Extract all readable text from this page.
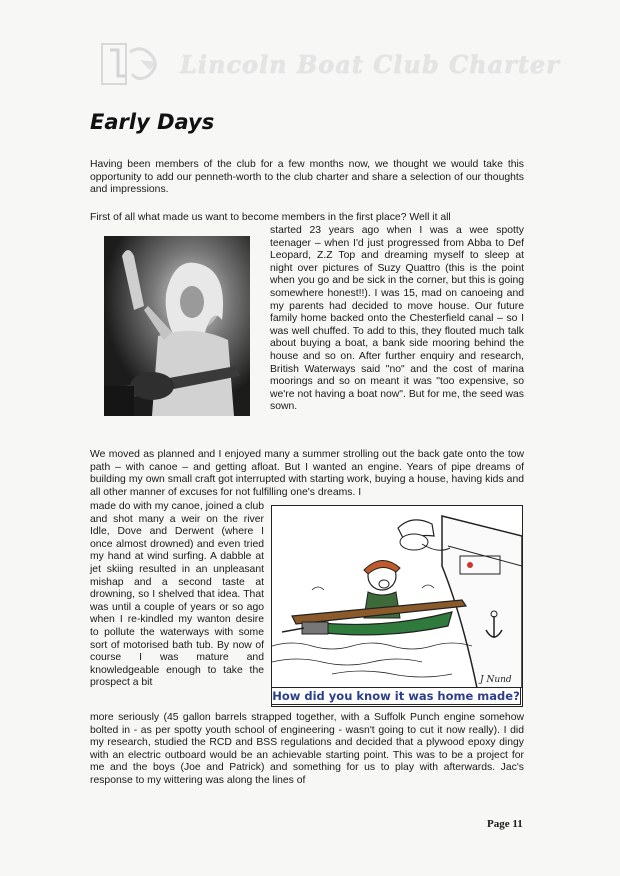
Lincoln Boat Club Charter
Early Days

Having been members of the club for a few months now, we thought we would take this opportunity to add our penneth-worth to the club charter and share a selection of our thoughts and impressions.

First of all what made us want to become members in the first place? Well it all

started 23 years ago when I was a wee spotty teenager – when I'd just progressed from Abba to Def Leopard, Z.Z Top and dreaming myself to sleep at night over pictures of Suzy Quattro (this is the point when you go and be sick in the corner, but this is going somewhere honest!!). I was 15, mad on canoeing and my parents had decided to move house. Our future family home backed onto the Chesterfield canal – so I was well chuffed. To add to this, they flouted much talk about buying a boat, a bank side mooring behind the house and so on. After further enquiry and research, British Waterways said "no" and the cost of marina moorings and so on meant it was "too expensive, so we're not having a boat now". But for me, the seed was sown.

We moved as planned and I enjoyed many a summer strolling out the back gate onto the tow path – with canoe – and getting afloat. But I wanted an engine. Years of pipe dreams of building my own small craft got interrupted with starting work, buying a house, having kids and all other manner of excuses for not fulfilling one's dreams. I

made do with my canoe, joined a club and shot many a weir on the river Idle, Dove and Derwent (where I once almost drowned) and even tried my hand at wind surfing. A dabble at jet skiing resulted in an unpleasant mishap and a second taste at drowning, so I shelved that idea. That was until a couple of years or so ago when I re-kindled my wanton desire to pollute the waterways with some sort of motorised bath tub. By now of course I was mature and knowledgeable enough to take the prospect a bit	J Nund
How did you know it was home made?

more seriously (45 gallon barrels strapped together, with a Suffolk Punch engine somehow bolted in - as per spotty youth school of engineering - wasn't going to cut it now really). I did my research, studied the RCD and BSS regulations and decided that a plywood epoxy dingy with an electric outboard would be an achievable starting point. This was to be a project for me and the boys (Joe and Patrick) and something for us to play with afterwards. Jac's response to my wittering was along the lines of

Page 11
